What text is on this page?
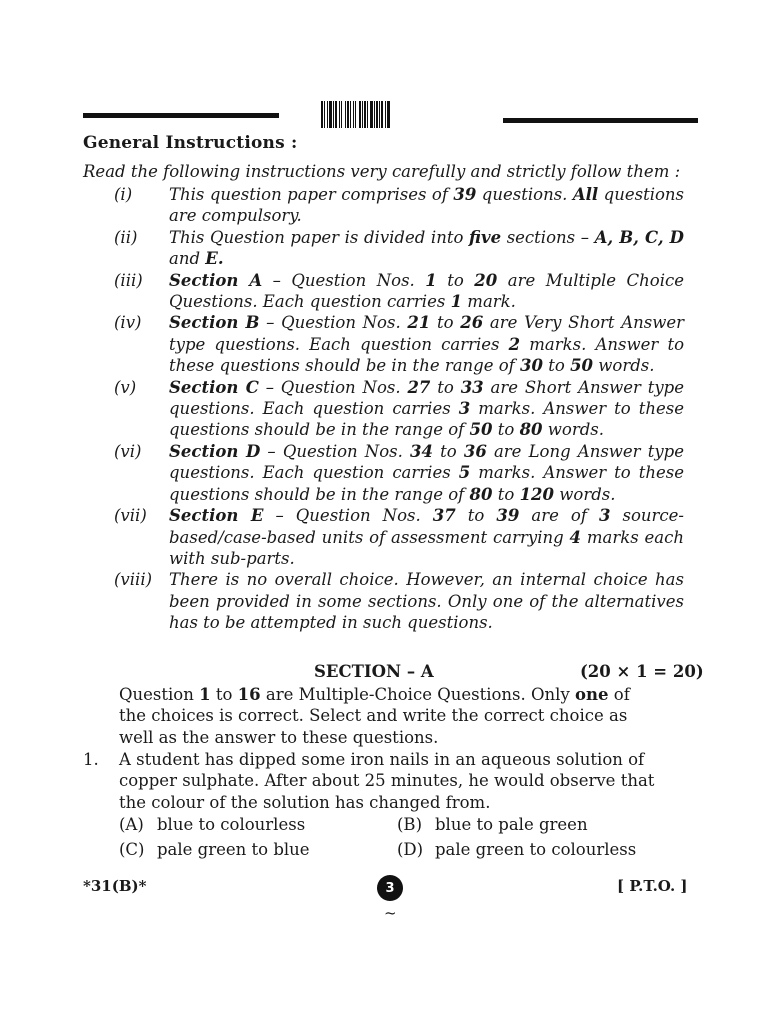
General Instructions :
Read the following instructions very carefully and strictly follow them :
(i)	This question paper comprises of 39 questions. All questions are compulsory.
(ii)	This Question paper is divided into five sections – A, B, C, D and E.
(iii)	Section A – Question Nos. 1 to 20 are Multiple Choice Questions. Each question carries 1 mark.
(iv)	Section B – Question Nos. 21 to 26 are Very Short Answer type questions. Each question carries 2 marks. Answer to these questions should be in the range of 30 to 50 words.
(v)	Section C – Question Nos. 27 to 33 are Short Answer type questions. Each question carries 3 marks. Answer to these questions should be in the range of 50 to 80 words.
(vi)	Section D – Question Nos. 34 to 36 are Long Answer type questions. Each question carries 5 marks. Answer to these questions should be in the range of 80 to 120 words.
(vii)	Section E – Question Nos. 37 to 39 are of 3 source-based/case-based units of assessment carrying 4 marks each with sub-parts.
(viii)	There is no overall choice. However, an internal choice has been provided in some sections. Only one of the alternatives has to be attempted in such questions.
SECTION – A	(20 × 1 = 20)
Question 1 to 16 are Multiple-Choice Questions. Only one of the choices is correct. Select and write the correct choice as well as the answer to these questions.
1.	A student has dipped some iron nails in an aqueous solution of copper sulphate. After about 25 minutes, he would observe that the colour of the solution has changed from.
(A) blue to colourless	(B) blue to pale green
(C) pale green to blue	(D) pale green to colourless
*31(B)*	3
~
[ P.T.O. ]
